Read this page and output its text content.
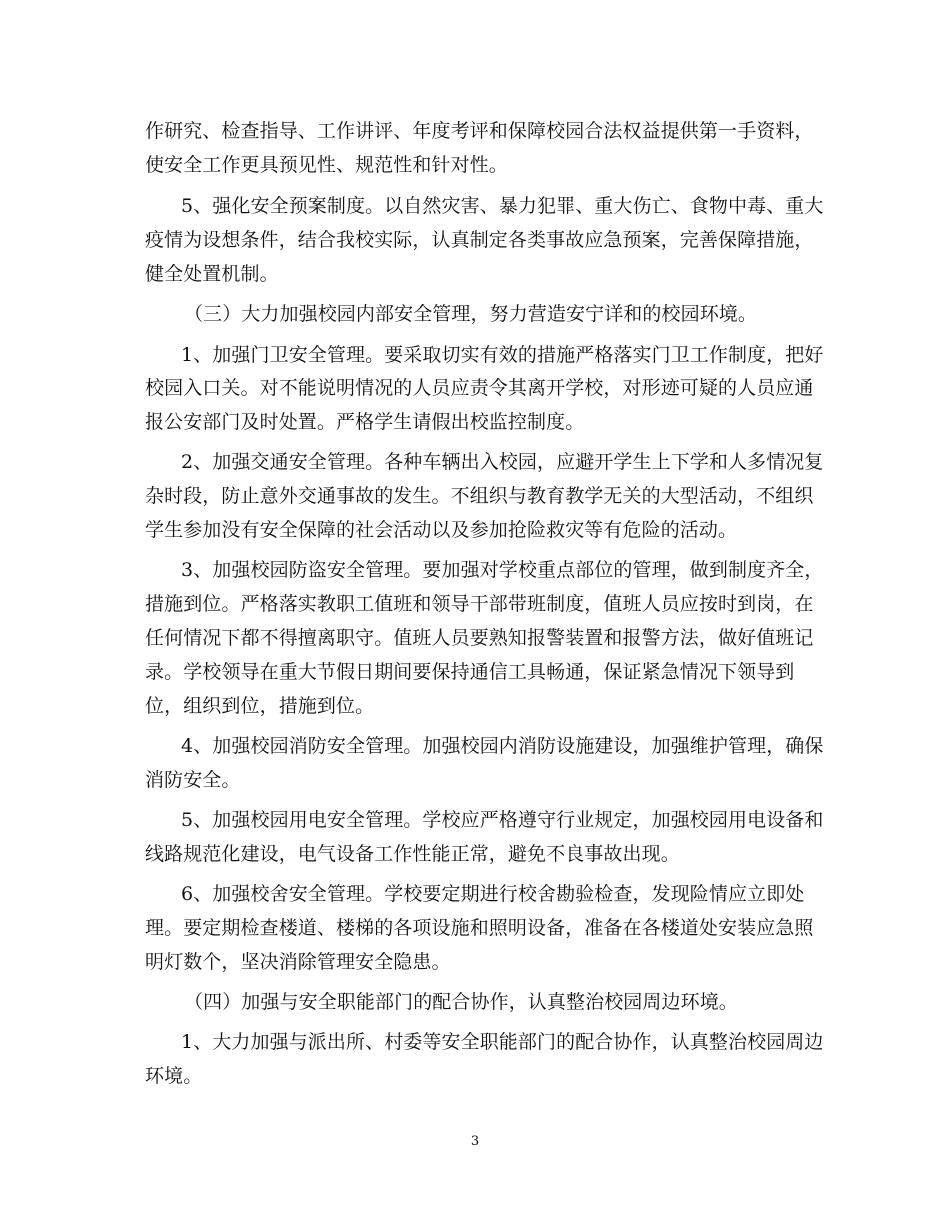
作研究、检查指导、工作讲评、年度考评和保障校园合法权益提供第一手资料，
使安全工作更具预见性、规范性和针对性。
5、强化安全预案制度。以自然灾害、暴力犯罪、重大伤亡、食物中毒、重大
疫情为设想条件，结合我校实际，认真制定各类事故应急预案，完善保障措施，
健全处置机制。
（三）大力加强校园内部安全管理，努力营造安宁详和的校园环境。
1、加强门卫安全管理。要采取切实有效的措施严格落实门卫工作制度，把好
校园入口关。对不能说明情况的人员应责令其离开学校，对形迹可疑的人员应通
报公安部门及时处置。严格学生请假出校监控制度。
2、加强交通安全管理。各种车辆出入校园，应避开学生上下学和人多情况复
杂时段，防止意外交通事故的发生。不组织与教育教学无关的大型活动，不组织
学生参加没有安全保障的社会活动以及参加抢险救灾等有危险的活动。
3、加强校园防盗安全管理。要加强对学校重点部位的管理，做到制度齐全，
措施到位。严格落实教职工值班和领导干部带班制度，值班人员应按时到岗，在
任何情况下都不得擅离职守。值班人员要熟知报警装置和报警方法，做好值班记
录。学校领导在重大节假日期间要保持通信工具畅通，保证紧急情况下领导到
位，组织到位，措施到位。
4、加强校园消防安全管理。加强校园内消防设施建设，加强维护管理，确保
消防安全。
5、加强校园用电安全管理。学校应严格遵守行业规定，加强校园用电设备和
线路规范化建设，电气设备工作性能正常，避免不良事故出现。
6、加强校舍安全管理。学校要定期进行校舍勘验检查，发现险情应立即处
理。要定期检查楼道、楼梯的各项设施和照明设备，准备在各楼道处安装应急照
明灯数个，坚决消除管理安全隐患。
（四）加强与安全职能部门的配合协作，认真整治校园周边环境。
1、大力加强与派出所、村委等安全职能部门的配合协作，认真整治校园周边
环境。
3
